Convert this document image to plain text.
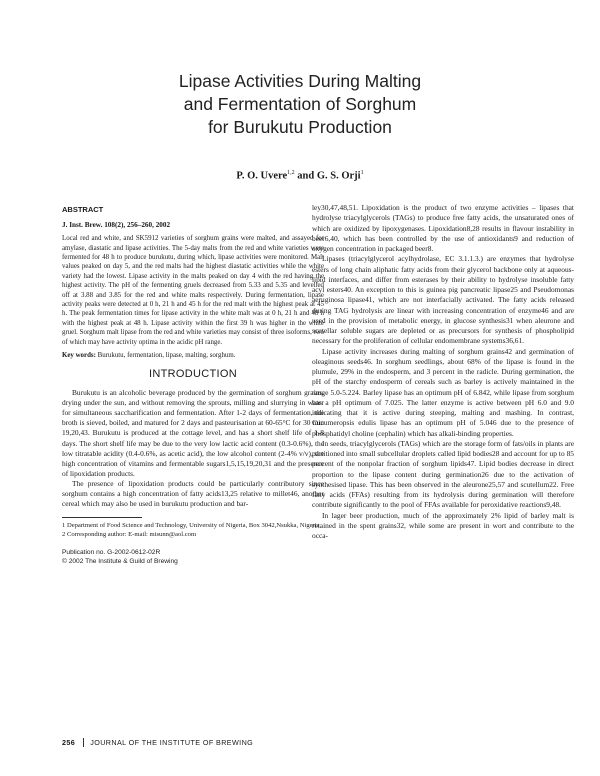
Lipase Activities During Malting
and Fermentation of Sorghum
for Burukutu Production
P. O. Uvere$^{1,2}$ and G. S. Orji$^1$
ABSTRACT
J. Inst. Brew. 108(2), 256–260, 2002
Local red and white, and SK5912 varieties of sorghum grains were malted, and assayed for amylase, diastatic and lipase activities. The 5-day malts from the red and white varieties were fermented for 48 h to produce burukutu, during which, lipase activities were monitored. Malt values peaked on day 5, and the red malts had the highest diastatic activities while the white variety had the lowest. Lipase activity in the malts peaked on day 4 with the red having the highest activity. The pH of the fermenting gruels decreased from 5.33 and 5.35 and levelled off at 3.88 and 3.85 for the red and white malts respectively. During fermentation, lipase activity peaks were detected at 0 h, 21 h and 45 h for the red malt with the highest peak at 45 h. The peak fermentation times for lipase activity in the white malt was at 0 h, 21 h and 48 h with the highest peak at 48 h. Lipase activity within the first 39 h was higher in the white gruel. Sorghum malt lipase from the red and white varieties may consist of three isoforms, two of which may have activity optima in the acidic pH range.
Key words: Burukutu, fermentation, lipase, malting, sorghum.
INTRODUCTION

Burukutu is an alcoholic beverage produced by the germination of sorghum grains, drying under the sun, and without removing the sprouts, milling and slurrying in water for simultaneous saccharification and fermentation. After 1-2 days of fermentation, the broth is sieved, boiled, and matured for 2 days and pasteurisation at 60-65°C for 30 min 19,20,43. Burukutu is produced at the cottage level, and has a short shelf life of 1-8 days. The short shelf life may be due to the very low lactic acid content (0.3-0.6%), the low titratable acidity (0.4-0.6%, as acetic acid), the low alcohol content (2-4% v/v), the high concentration of vitamins and fermentable sugars1,5,15,19,20,31 and the presence of lipoxidation products.

The presence of lipoxidation products could be particularly contributory since sorghum contains a high concentration of fatty acids13,25 relative to millet46, another cereal which may also be used in burukutu production and bar-

1 Department of Food Science and Technology, University of Nigeria, Box 3042,Nsukka, Nigeria
2 Corresponding author: E-mail: misunn@aol.com
Publication no. G-2002-0612-02R
© 2002 The Institute & Guild of Brewing

ley30,47,48,51. Lipoxidation is the product of two enzyme activities – lipases that hydrolyse triacylglycerols (TAGs) to produce free fatty acids, the unsaturated ones of which are oxidized by lipoxygenases. Lipoxidation8,28 results in flavour instability in beer6,40, which has been controlled by the use of antioxidants9 and reduction of oxygen concentration in packaged beer8.

Lipases (triacylglycerol acylhydrolase, EC 3.1.1.3.) are enzymes that hydrolyse esters of long chain aliphatic fatty acids from their glycerol backbone only at aqueous-lipid interfaces, and differ from esterases by their ability to hydrolyse insoluble fatty acyl esters40. An exception to this is guinea pig pancreatic lipase25 and Pseudomonas aeruginosa lipase41, which are not interfacially activated. The fatty acids released during TAG hydrolysis are linear with increasing concentration of enzyme46 and are used in the provision of metabolic energy, in glucose synthesis31 when aleurone and scutellar soluble sugars are depleted or as precursors for synthesis of phospholipid necessary for the proliferation of cellular endomembrane systems36,61.

Lipase activity increases during malting of sorghum grains42 and germination of oleaginous seeds46. In sorghum seedlings, about 68% of the lipase is found in the plumule, 29% in the endosperm, and 3 percent in the radicle. During germination, the pH of the starchy endosperm of cereals such as barley is actively maintained in the range 5.0-5.224. Barley lipase has an optimum pH of 6.842, while lipase from sorghum has a pH optimum of 7.025. The latter enzyme is active between pH 6.0 and 9.0 indicating that it is active during steeping, malting and mashing. In contrast, Cucumeropsis edulis lipase has an optimum pH of 5.046 due to the presence of phosphatidyl choline (cephalin) which has alkali-binding properties.

In seeds, triacylglycerols (TAGs) which are the storage form of fats/oils in plants are partitioned into small subcellular droplets called lipid bodies28 and account for up to 85 percent of the nonpolar fraction of sorghum lipids47. Lipid bodies decrease in direct proportion to the lipase content during germination26 due to the activation of synthesised lipase. This has been observed in the aleurone25,57 and scutellum22. Free fatty acids (FFAs) resulting from its hydrolysis during germination will therefore contribute significantly to the pool of FFAs available for peroxidative reactions9,48.

In lager beer production, much of the approximately 2% lipid of barley malt is retained in the spent grains32, while some are present in wort and contribute to the occa-

256 JOURNAL OF THE INSTITUTE OF BREWING
